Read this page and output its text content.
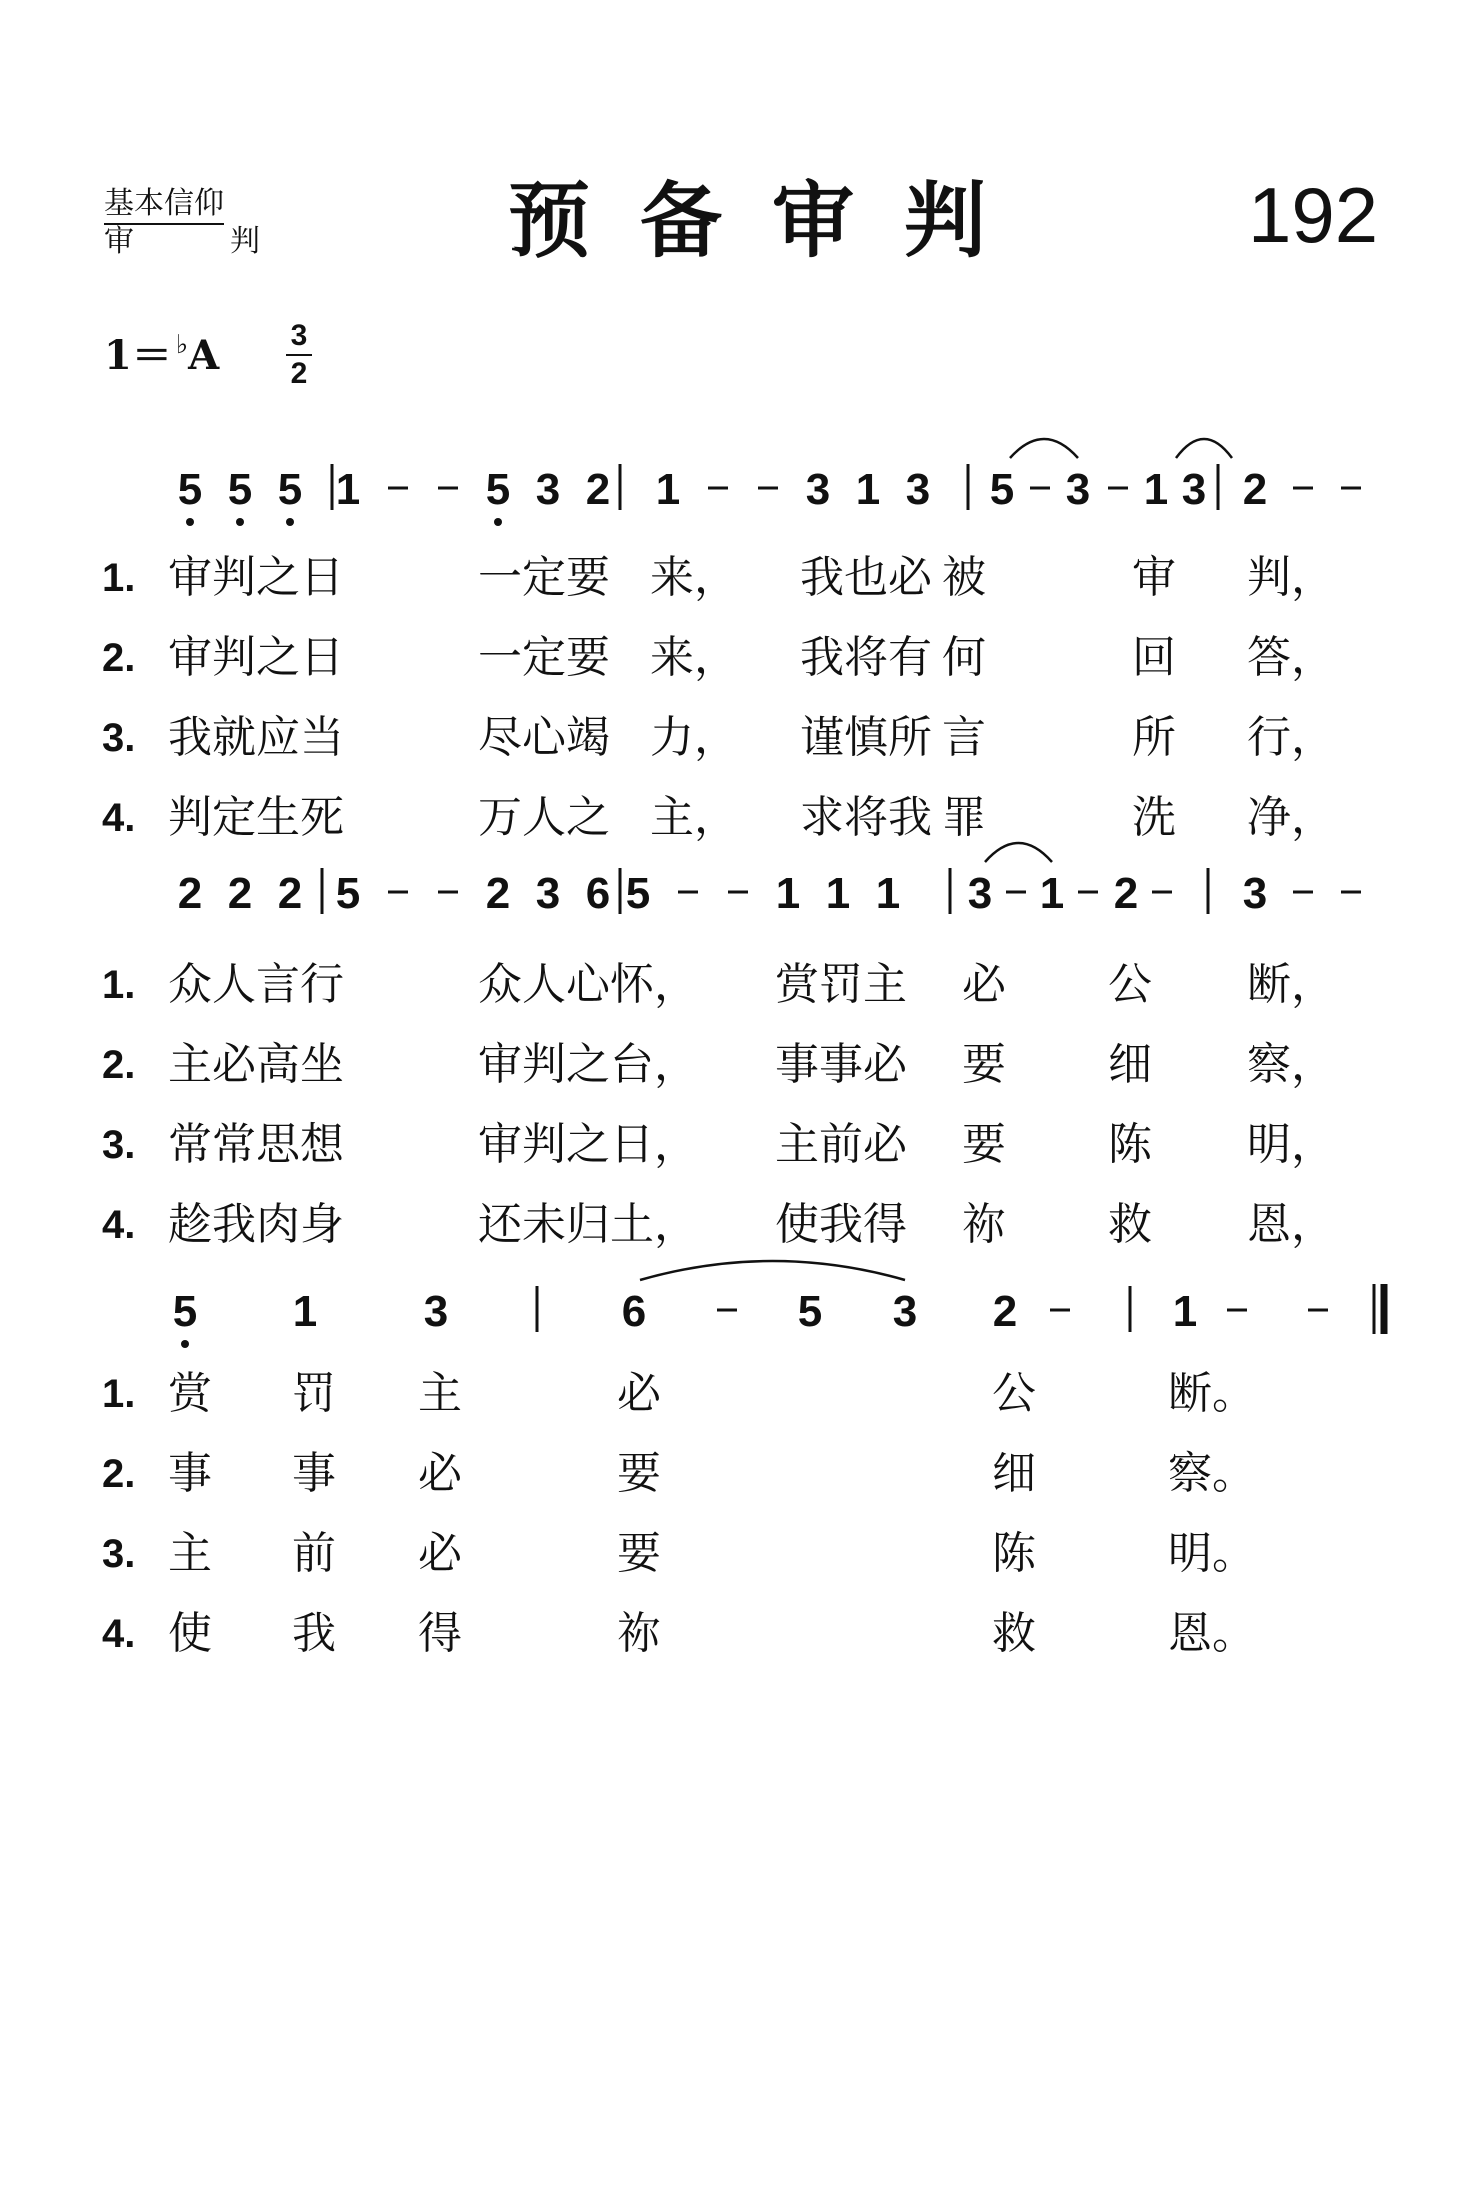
基本信仰
审	判	预备审判	192
$1= ^♭A \frac{3}{2}$
5 5 5 1	5 3 2 1	3 1 3 5 3 1 3 2
2 2 2 5	2 3 6 5	1 1 1 3 1 2 3
5 1 3	6	5 3 2	1
1. 审判之日	一定要 来， 我也必 被	审 判，
2. 审判之日	一定要 来， 我将有 何	回 答，
3. 我就应当	尽心竭 力， 谨慎所 言	所 行，
4. 判定生死	万人之 主， 求将我 罪	洗 净，
1. 众人言行	众人心怀， 赏罚主 必 公 断，
2. 主必高坐	审判之台， 事事必 要 细 察，
3. 常常思想	审判之日， 主前必 要 陈 明，
4. 趁我肉身	还未归土， 使我得 祢 救 恩，
1. 赏 罚 主	必	公	断。
2. 事 事 必	要	细	察。
3. 主 前 必	要	陈	明。
4. 使 我 得	祢	救	恩。
